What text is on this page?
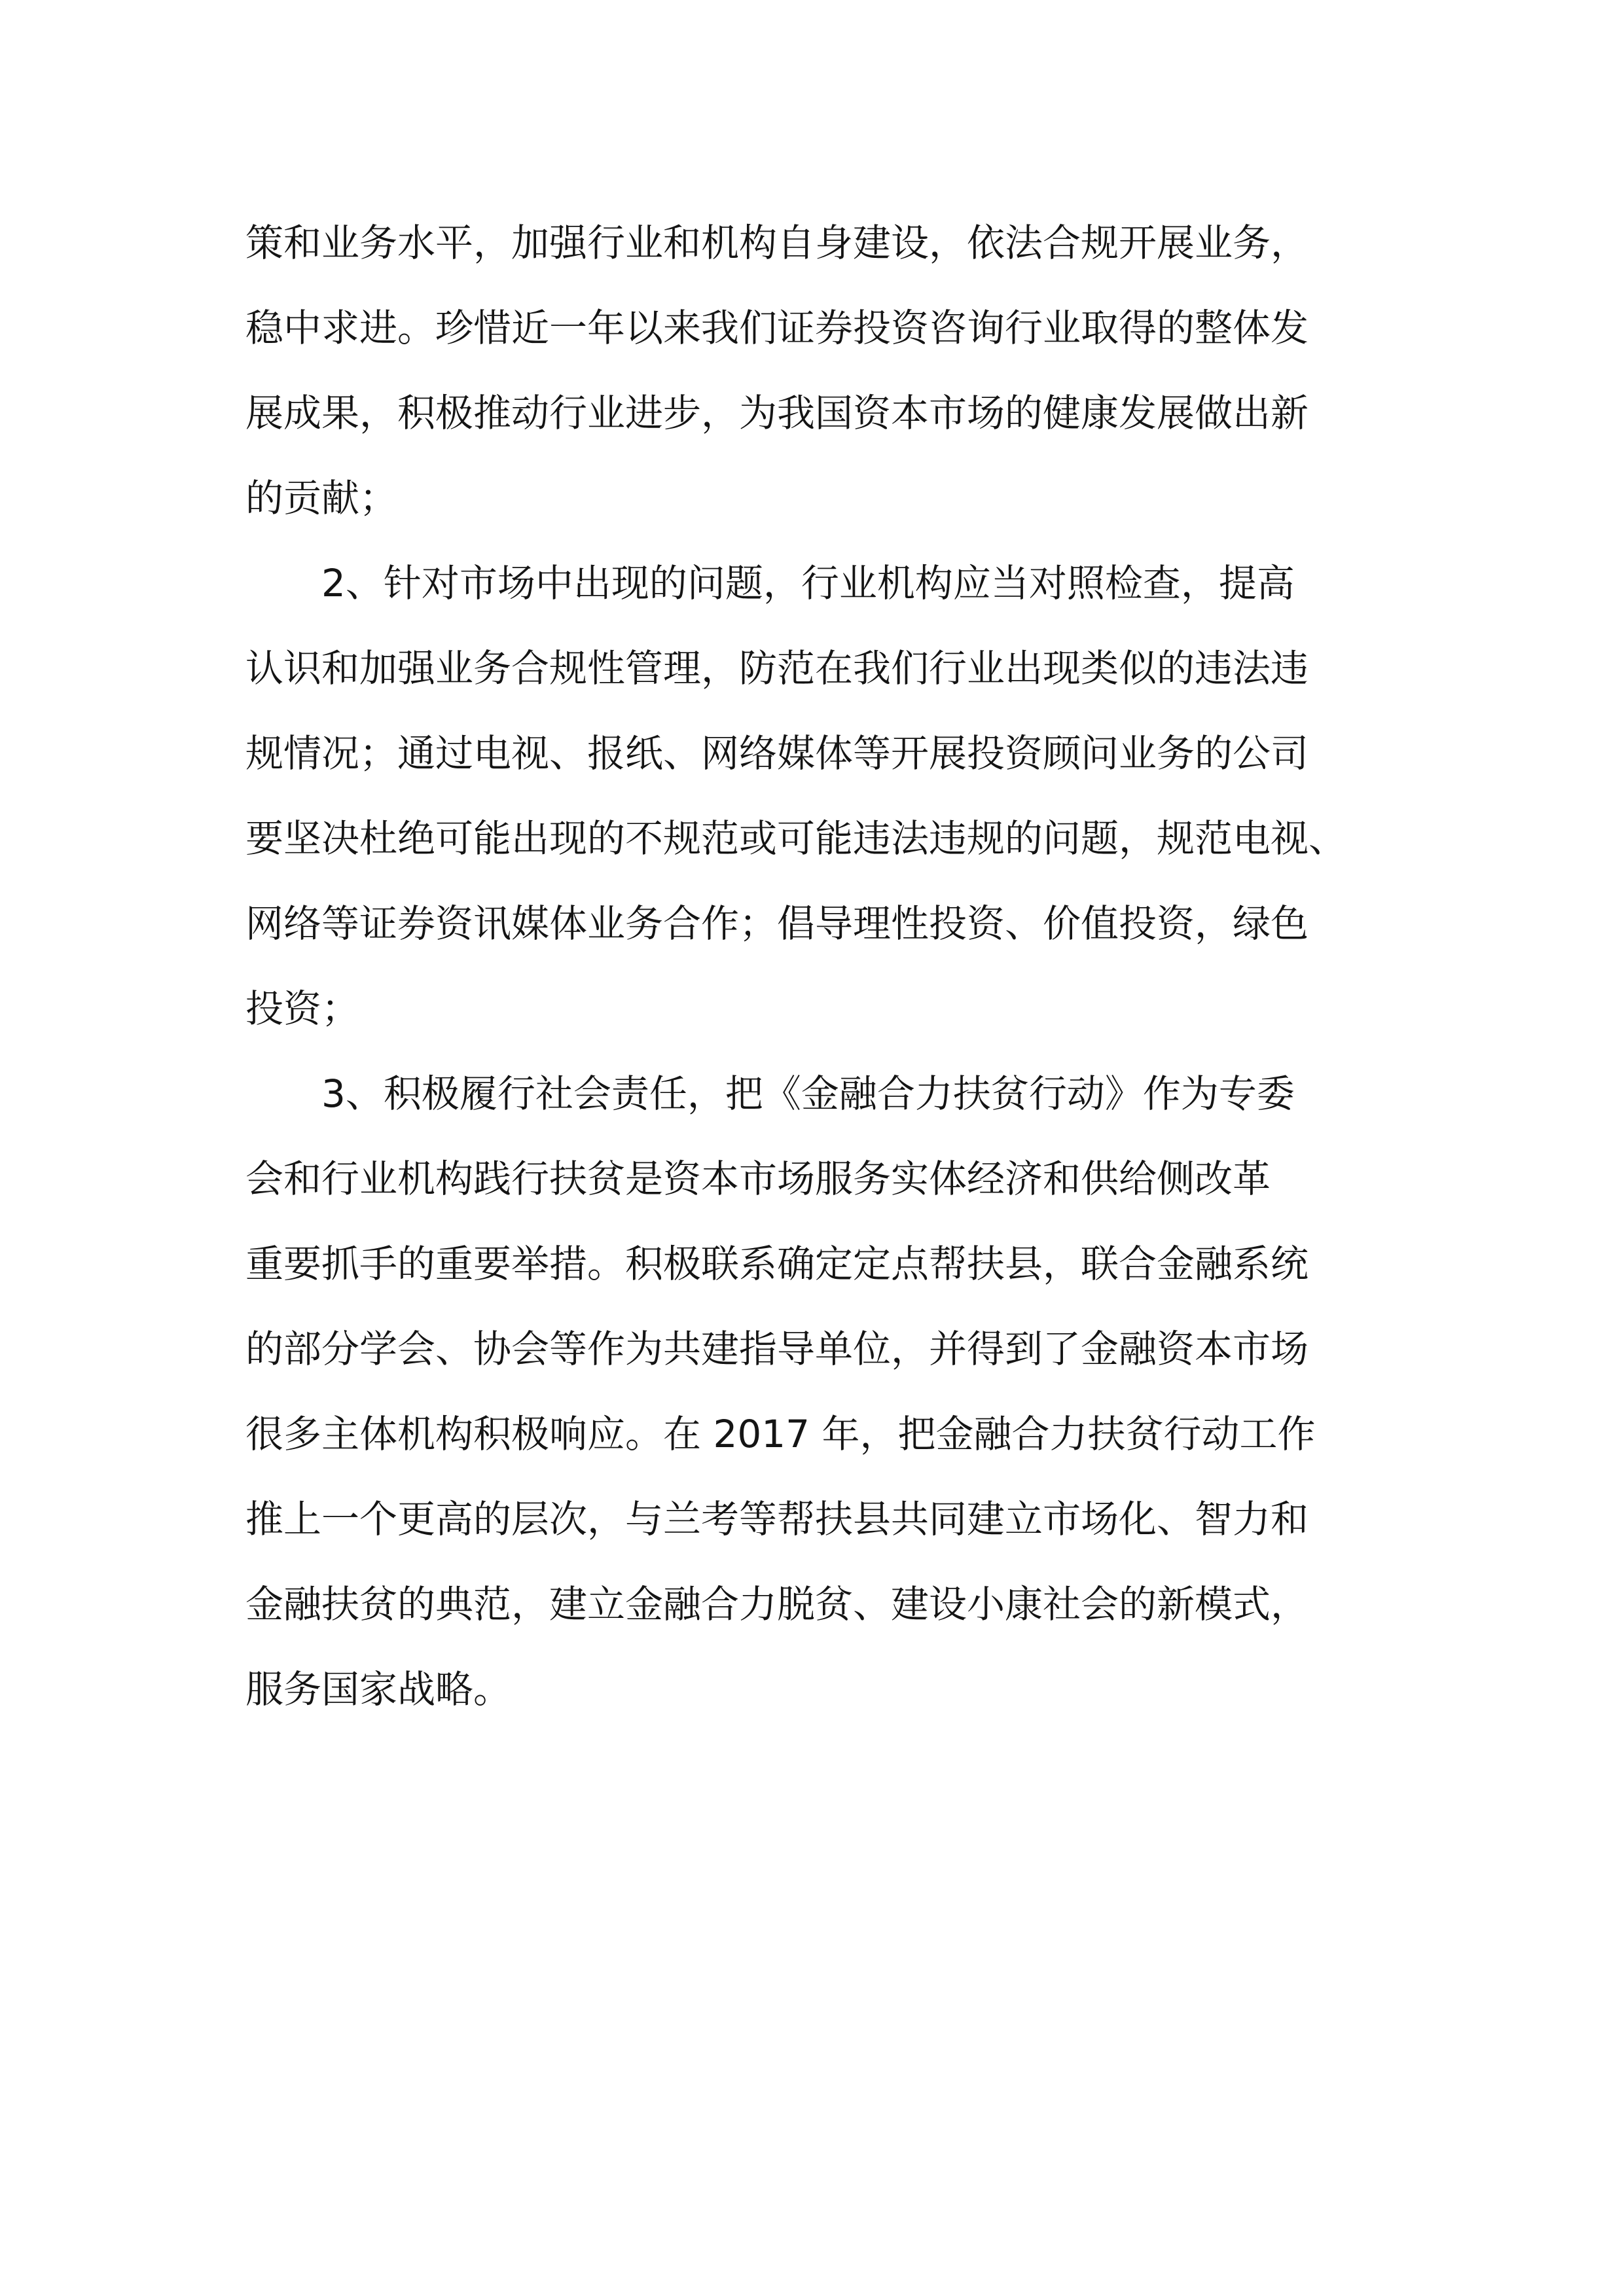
策和业务水平，加强行业和机构自身建设，依法合规开展业务，
稳中求进。珍惜近一年以来我们证券投资咨询行业取得的整体发
展成果，积极推动行业进步，为我国资本市场的健康发展做出新
的贡献；
2、针对市场中出现的问题，行业机构应当对照检查，提高
认识和加强业务合规性管理，防范在我们行业出现类似的违法违
规情况；通过电视、报纸、网络媒体等开展投资顾问业务的公司
要坚决杜绝可能出现的不规范或可能违法违规的问题，规范电视、
网络等证券资讯媒体业务合作；倡导理性投资、价值投资，绿色
投资；
3、积极履行社会责任，把《金融合力扶贫行动》作为专委
会和行业机构践行扶贫是资本市场服务实体经济和供给侧改革
重要抓手的重要举措。积极联系确定定点帮扶县，联合金融系统
的部分学会、协会等作为共建指导单位，并得到了金融资本市场
很多主体机构积极响应。在 2017 年，把金融合力扶贫行动工作
推上一个更高的层次，与兰考等帮扶县共同建立市场化、智力和
金融扶贫的典范，建立金融合力脱贫、建设小康社会的新模式，
服务国家战略。
